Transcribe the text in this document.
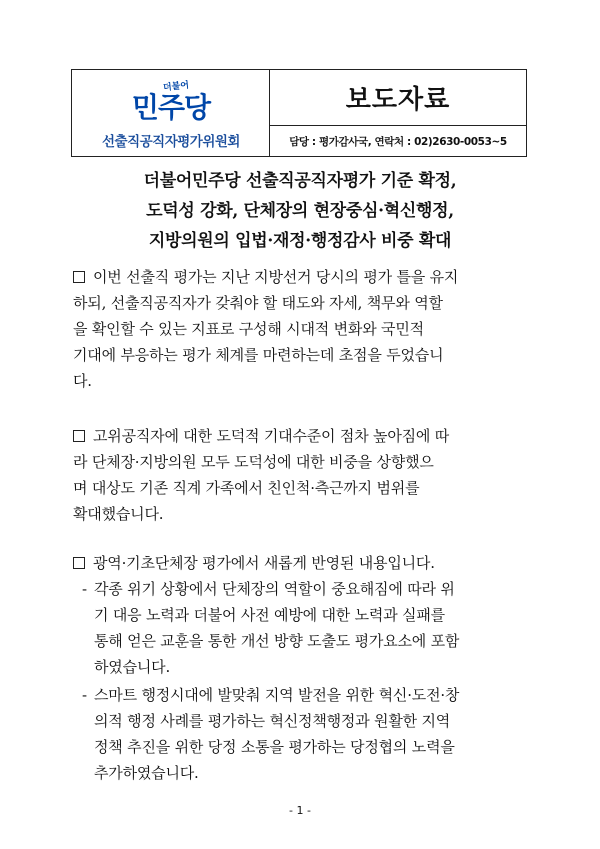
더불어
민주당
선출직공직자평가위원회
보도자료
담당 : 평가감사국, 연락처 : 02)2630-0053~5
더불어민주당 선출직공직자평가 기준 확정,
도덕성 강화, 단체장의 현장중심·혁신행정,
지방의원의 입법·재정·행정감사 비중 확대
이번 선출직 평가는 지난 지방선거 당시의 평가 틀을 유지
하되, 선출직공직자가 갖춰야 할 태도와 자세, 책무와 역할
을 확인할 수 있는 지표로 구성해 시대적 변화와 국민적
기대에 부응하는 평가 체계를 마련하는데 초점을 두었습니
다.
고위공직자에 대한 도덕적 기대수준이 점차 높아짐에 따
라 단체장·지방의원 모두 도덕성에 대한 비중을 상향했으
며 대상도 기존 직계 가족에서 친인척·측근까지 범위를
확대했습니다.
광역·기초단체장 평가에서 새롭게 반영된 내용입니다.
- 각종 위기 상황에서 단체장의 역할이 중요해짐에 따라 위
기 대응 노력과 더불어 사전 예방에 대한 노력과 실패를
통해 얻은 교훈을 통한 개선 방향 도출도 평가요소에 포함
하였습니다.
- 스마트 행정시대에 발맞춰 지역 발전을 위한 혁신·도전·창
의적 행정 사례를 평가하는 혁신정책행정과 원활한 지역
정책 추진을 위한 당정 소통을 평가하는 당정협의 노력을
추가하였습니다.
- 1 -
